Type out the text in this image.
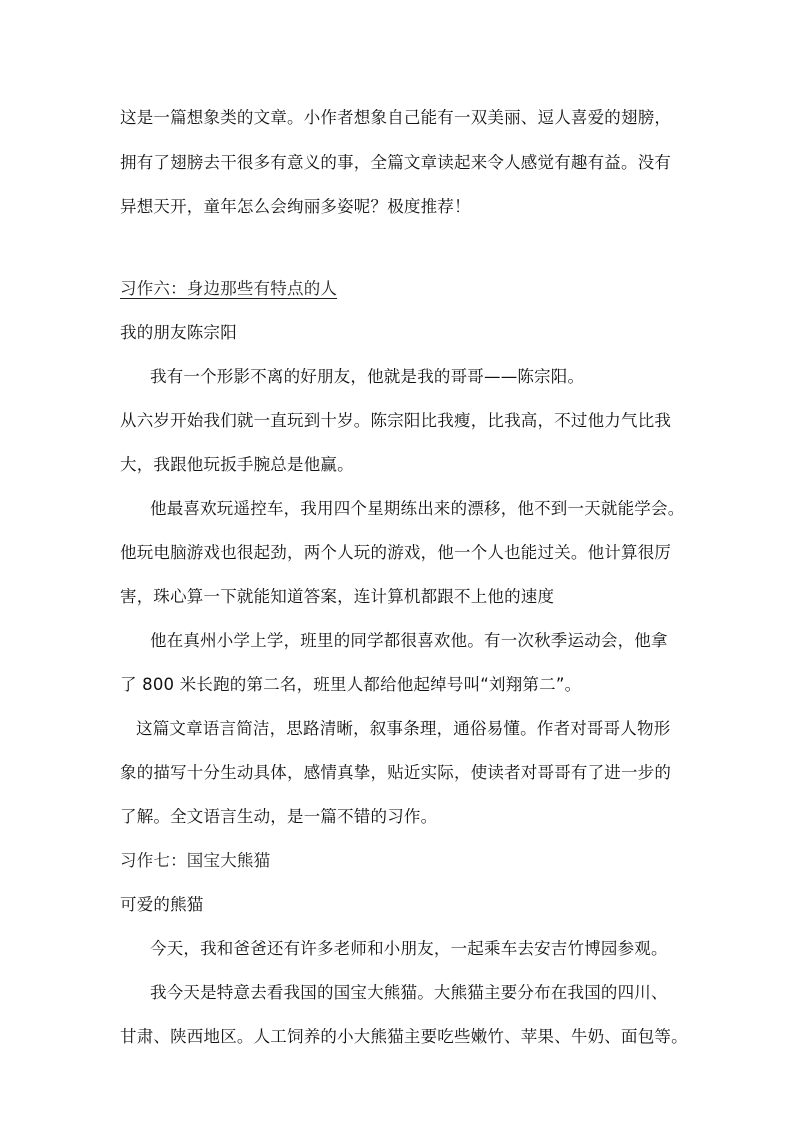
这是一篇想象类的文章。小作者想象自己能有一双美丽、逗人喜爱的翅膀，
拥有了翅膀去干很多有意义的事，全篇文章读起来令人感觉有趣有益。没有
异想天开，童年怎么会绚丽多姿呢？极度推荐！
习作六：身边那些有特点的人
我的朋友陈宗阳
我有一个形影不离的好朋友，他就是我的哥哥——陈宗阳。
从六岁开始我们就一直玩到十岁。陈宗阳比我瘦，比我高，不过他力气比我
大，我跟他玩扳手腕总是他赢。
他最喜欢玩遥控车，我用四个星期练出来的漂移，他不到一天就能学会。
他玩电脑游戏也很起劲，两个人玩的游戏，他一个人也能过关。他计算很厉
害，珠心算一下就能知道答案，连计算机都跟不上他的速度
他在真州小学上学，班里的同学都很喜欢他。有一次秋季运动会，他拿
了 800 米长跑的第二名，班里人都给他起绰号叫“刘翔第二”。
这篇文章语言简洁，思路清晰，叙事条理，通俗易懂。作者对哥哥人物形
象的描写十分生动具体，感情真挚，贴近实际，使读者对哥哥有了进一步的
了解。全文语言生动，是一篇不错的习作。
习作七：国宝大熊猫
可爱的熊猫
今天，我和爸爸还有许多老师和小朋友，一起乘车去安吉竹博园参观。
我今天是特意去看我国的国宝大熊猫。大熊猫主要分布在我国的四川、
甘肃、陕西地区。人工饲养的小大熊猫主要吃些嫩竹、苹果、牛奶、面包等。
